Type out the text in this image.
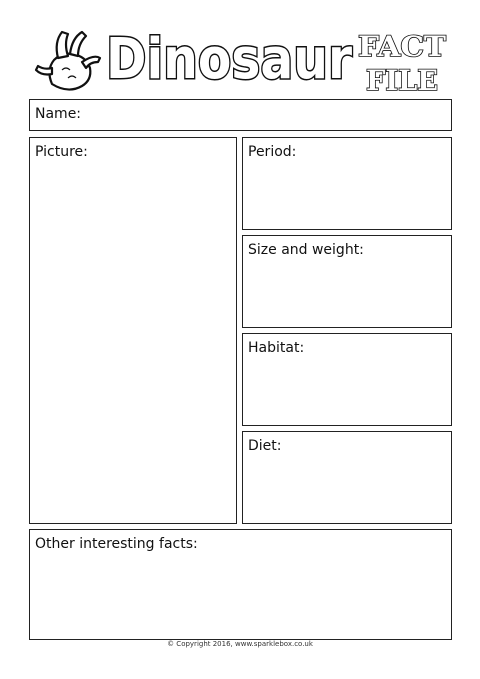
Dinosaur FACT
FILE
Name:
Picture:	Period:
Size and weight:
Habitat:
Diet:
Other interesting facts:
© Copyright 2016, www.sparklebox.co.uk
